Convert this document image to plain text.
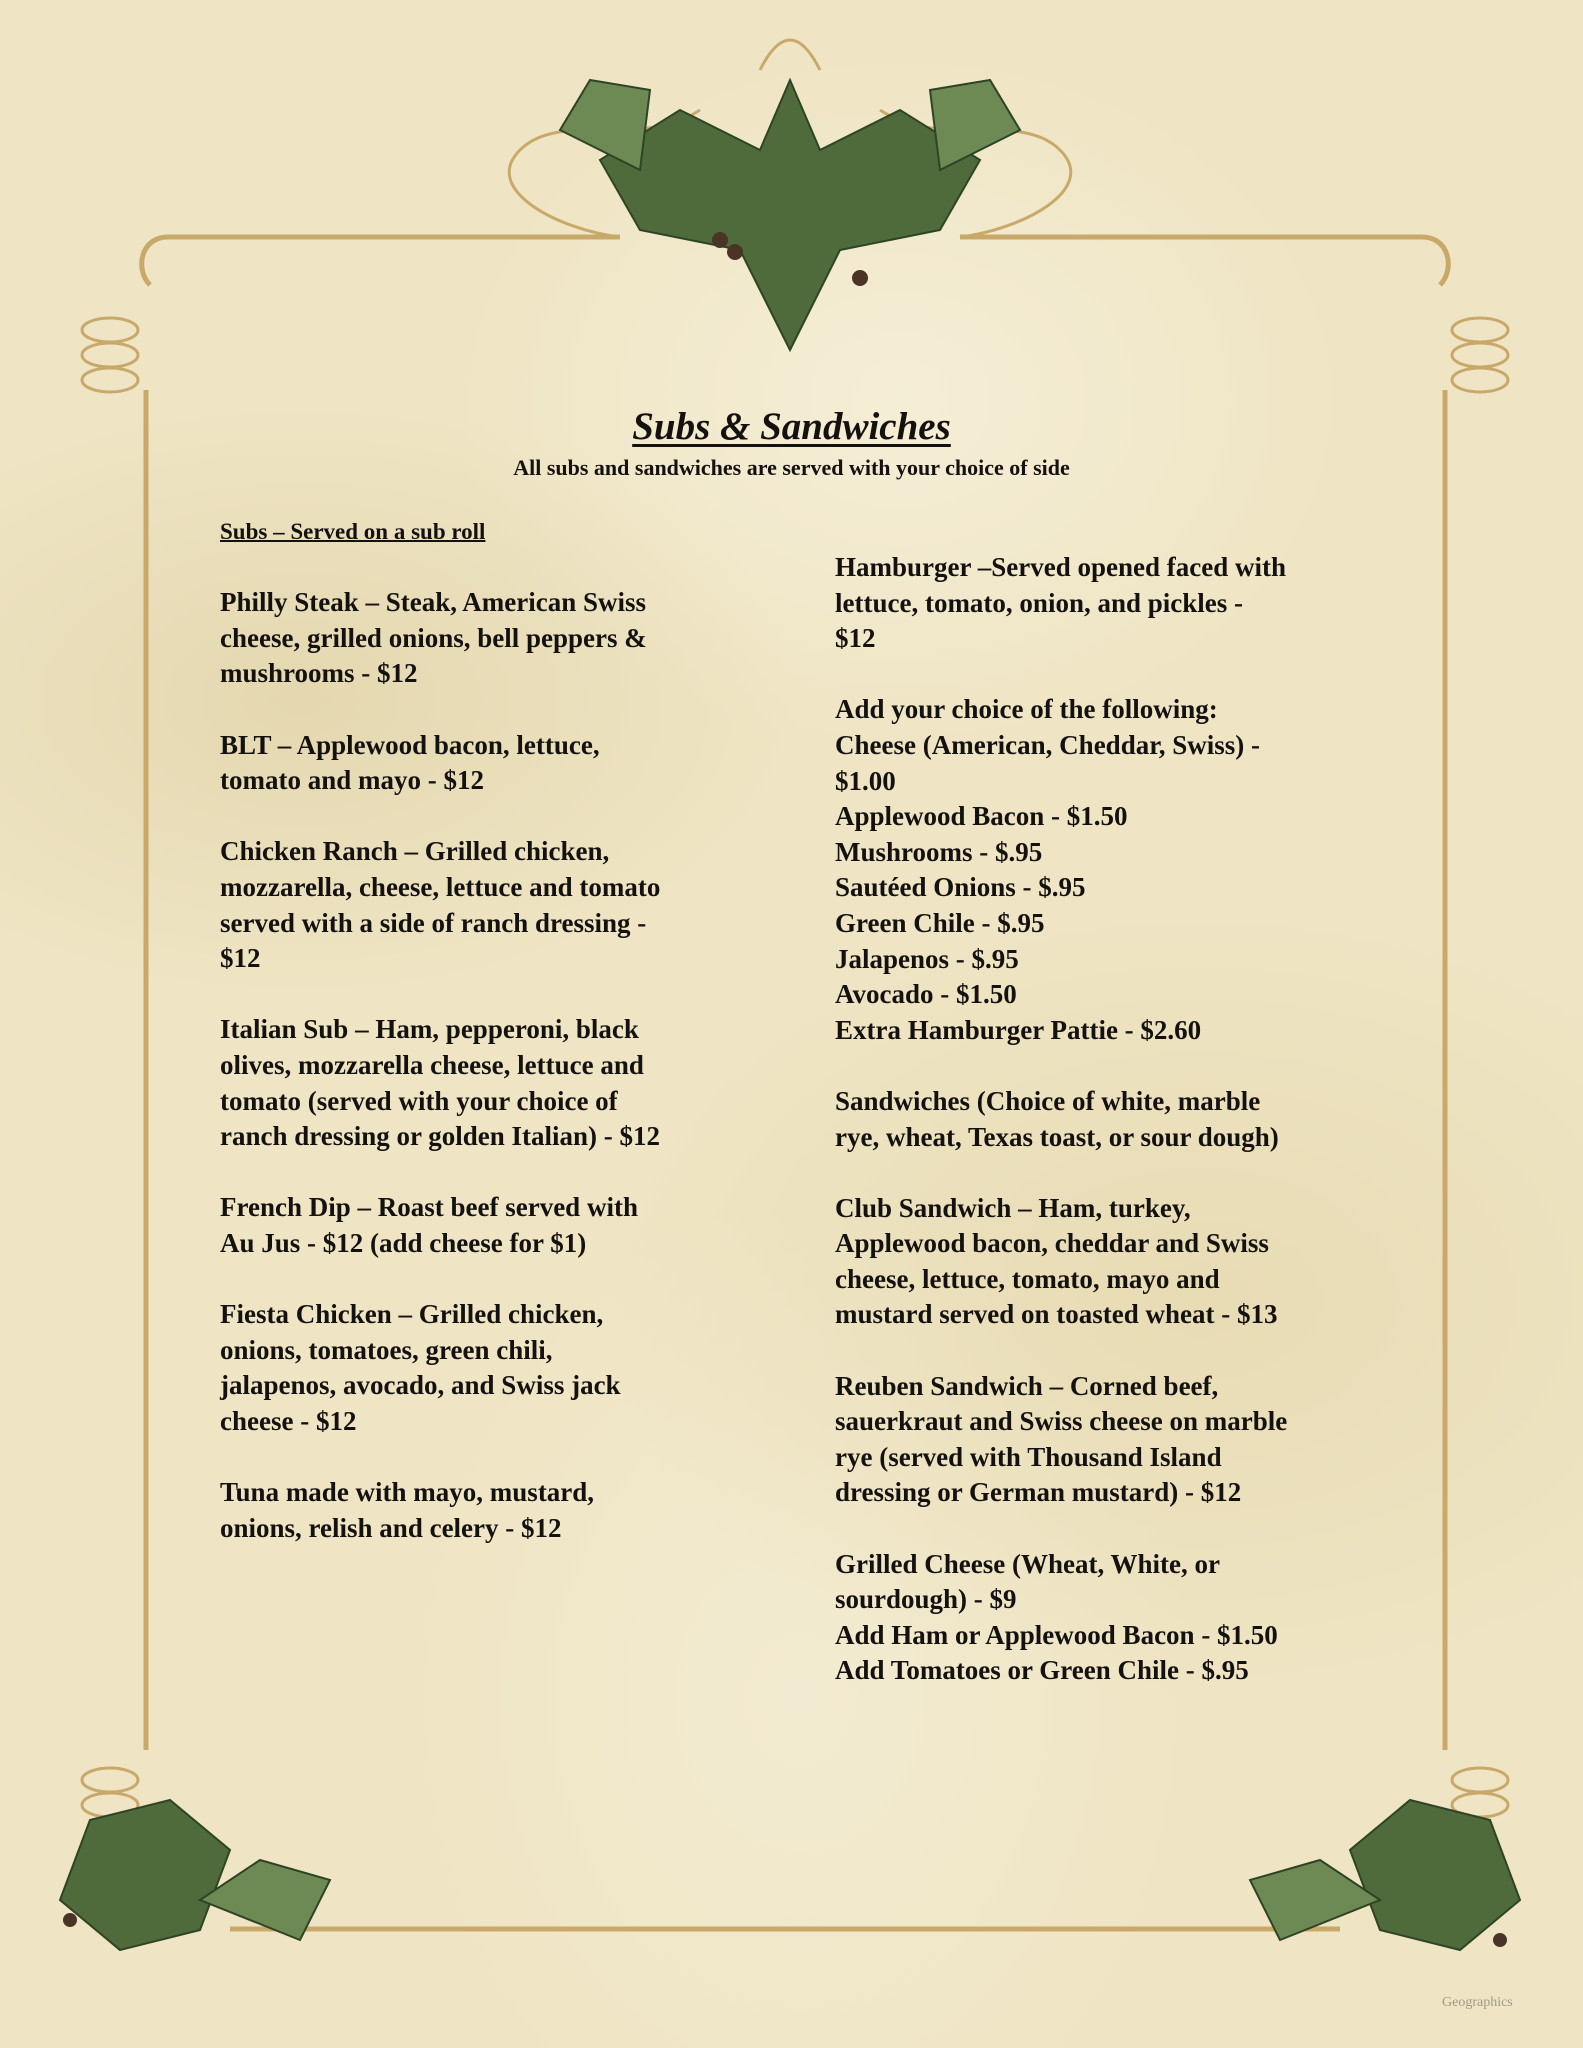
Subs & Sandwiches
All subs and sandwiches are served with your choice of side
Subs – Served on a sub roll
Philly Steak – Steak, American Swiss
cheese, grilled onions, bell peppers &
mushrooms - $12
BLT – Applewood bacon, lettuce,
tomato and mayo - $12
Chicken Ranch – Grilled chicken,
mozzarella, cheese, lettuce and tomato
served with a side of ranch dressing -
$12
Italian Sub – Ham, pepperoni, black
olives, mozzarella cheese, lettuce and
tomato (served with your choice of
ranch dressing or golden Italian) - $12
French Dip – Roast beef served with
Au Jus - $12 (add cheese for $1)
Fiesta Chicken – Grilled chicken,
onions, tomatoes, green chili,
jalapenos, avocado, and Swiss jack
cheese - $12
Tuna made with mayo, mustard,
onions, relish and celery - $12
Hamburger –Served opened faced with
lettuce, tomato, onion, and pickles -
$12
Add your choice of the following:
Cheese (American, Cheddar, Swiss) -
$1.00
Applewood Bacon - $1.50
Mushrooms - $.95
Sautéed Onions - $.95
Green Chile - $.95
Jalapenos - $.95
Avocado - $1.50
Extra Hamburger Pattie - $2.60
Sandwiches (Choice of white, marble
rye, wheat, Texas toast, or sour dough)
Club Sandwich – Ham, turkey,
Applewood bacon, cheddar and Swiss
cheese, lettuce, tomato, mayo and
mustard served on toasted wheat - $13
Reuben Sandwich – Corned beef,
sauerkraut and Swiss cheese on marble
rye (served with Thousand Island
dressing or German mustard) - $12
Grilled Cheese (Wheat, White, or
sourdough) - $9
Add Ham or Applewood Bacon - $1.50
Add Tomatoes or Green Chile - $.95
Geographics
